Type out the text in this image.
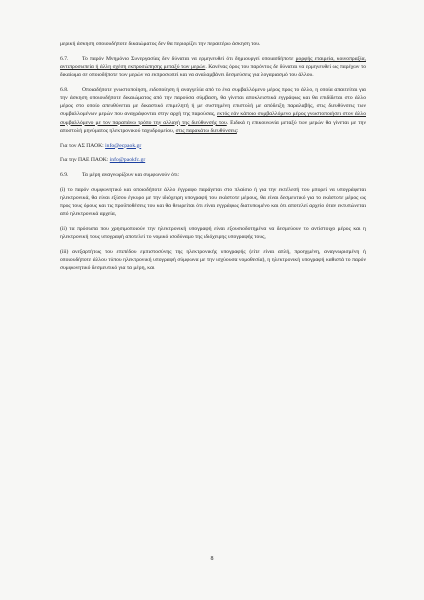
μερική άσκηση οποιουδήποτε δικαιώματος δεν θα περιορίζει την περαιτέρω άσκηση του.

6.7. Το παρόν Μνημόνιο Συνεργασίας δεν δύναται να ερμηνευθεί ότι δημιουργεί οποιασδήποτε μορφής εταιρεία, κοινοπραξία, αντιπροσωπεία ή άλλη σχέση εκπροσώπησης μεταξύ των μερών. Κανένας όρος του παρόντος δε δύναται να ερμηνευθεί ως παρέχων το δικαίωμα σε οποιοδήποτε των μερών να εκπροσωπεί και να αναλαμβάνει δεσμεύσεις για λογαριασμό του άλλου.

6.8. Οποιαδήποτε γνωστοποίηση, ειδοποίηση ή αναγγελία από το ένα συμβαλλόμενο μέρος προς το άλλο, η οποία απαιτείται για την άσκηση οποιουδήποτε δικαιώματος από την παρούσα σύμβαση, θα γίνεται αποκλειστικά εγγράφως και θα επιδίδεται στο άλλο μέρος στο οποίο απευθύνεται με δικαστικό επιμελητή ή με συστημένη επιστολή με απόδειξη παραλαβής, στις διευθύνσεις των συμβαλλομένων μερών που αναγράφονται στην αρχή της παρούσας, εκτός εάν κάποιο συμβαλλόμενο μέρος γνωστοποιήσει στον άλλο συμβαλλόμενο με τον παραπάνω τρόπο την αλλαγή της διεύθυνσής του. Ειδικά η επικοινωνία μεταξύ των μερών θα γίνεται με την αποστολή μηνύματος ηλεκτρονικού ταχυδρομείου, στις παρακάτω διευθύνσεις:

Για τον ΑΣ ΠΑΟΚ: info@ecpaok.gr

Για την ΠΑΕ ΠΑΟΚ: info@paokfc.gr

6.9. Τα μέρη αναγνωρίζουν και συμφωνούν ότι:

(i) το παρόν συμφωνητικό και οποιοδήποτε άλλο έγγραφο παράγεται στο πλαίσιο ή για την εκτέλεσή του μπορεί να υπογράφεται ηλεκτρονικά, θα είναι εξίσου έγκυρο με την ιδιόχειρη υπογραφή του εκάστοτε μέρους, θα είναι δεσμευτικό για το εκάστοτε μέρος ως προς τους όρους και τις προϋποθέσεις του και θα θεωρείται ότι είναι εγγράφως διατυπωμένο και ότι αποτελεί αρχείο όταν εκτυπώνεται από ηλεκτρονικά αρχεία,

(ii) τα πρόσωπα που χρησιμοποιούν την ηλεκτρονική υπογραφή είναι εξουσιοδοτημένα να δεσμεύουν το αντίστοιχο μέρος και η ηλεκτρονική τους υπογραφή αποτελεί το νομικό ισοδύναμο της ιδιόχειρης υπογραφής τους,

(iii) ανεξαρτήτως του επιπέδου εμπιστοσύνης της ηλεκτρονικής υπογραφής (είτε είναι απλή, προηγμένη, αναγνωρισμένη ή οποιουδήποτε άλλου τύπου ηλεκτρονική υπογραφή σύμφωνα με την ισχύουσα νομοθεσία), η ηλεκτρονική υπογραφή καθιστά το παρόν συμφωνητικό δεσμευτικό για τα μέρη, και

8
